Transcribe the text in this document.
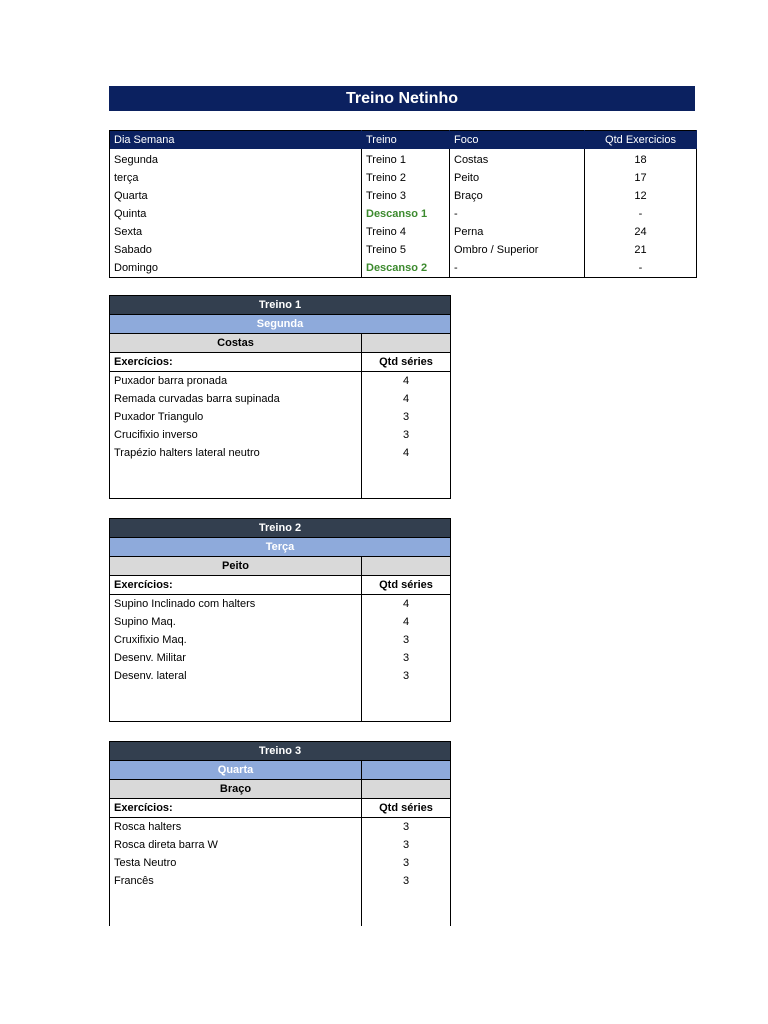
Treino Netinho
Dia Semana	Treino	Foco	Qtd Exercicios
Segunda	Treino 1	Costas	18
terça	Treino 2	Peito	17
Quarta	Treino 3	Braço	12
Quinta	Descanso 1	-	-
Sexta	Treino 4	Perna	24
Sabado	Treino 5	Ombro / Superior	21
Domingo	Descanso 2	-	-
Treino 1	
Segunda	
Costas	
Exercícios:	Qtd séries
Puxador barra pronada	4
Remada curvadas barra supinada	4
Puxador Triangulo	3
Crucifixio inverso	3
Trapézio halters lateral neutro	4

Treino 2	
Terça	
Peito	
Exercícios:	Qtd séries
Supino Inclinado com halters	4
Supino Maq.	4
Cruxifixio Maq.	3
Desenv. Militar	3
Desenv. lateral	3

Treino 3	
Quarta	
Braço	
Exercícios:	Qtd séries
Rosca halters	3
Rosca direta barra W	3
Testa Neutro	3
Francês	3
